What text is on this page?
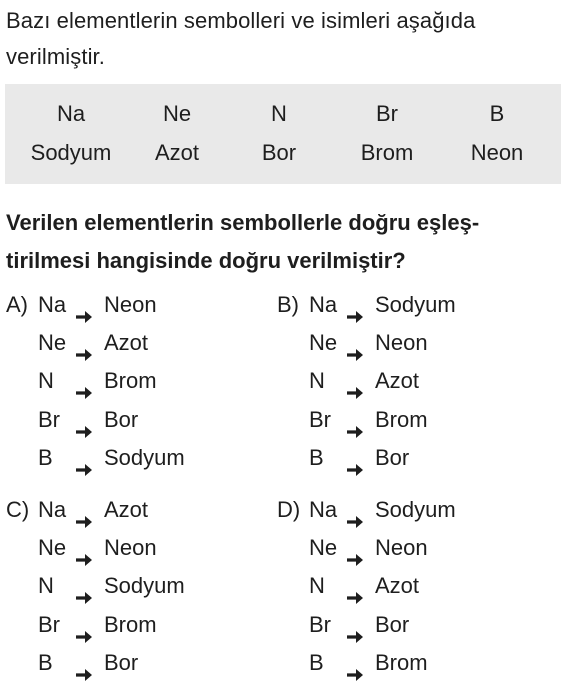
Bazı elementlerin sembolleri ve isimleri aşağıda
verilmiştir.
Na	Ne	N	Br	B
Sodyum	Azot	Bor	Brom	Neon
Verilen elementlerin sembollerle doğru eşleş-
tirilmesi hangisinde doğru verilmiştir?
A) Na Neon
Ne Azot
N Brom
Br Bor
B Sodyum
B) Na Sodyum
Ne Neon
N Azot
Br Brom
B Bor
C) Na Azot
Ne Neon
N Sodyum
Br Brom
B Bor
D) Na Sodyum
Ne Neon
N Azot
Br Bor
B Brom
